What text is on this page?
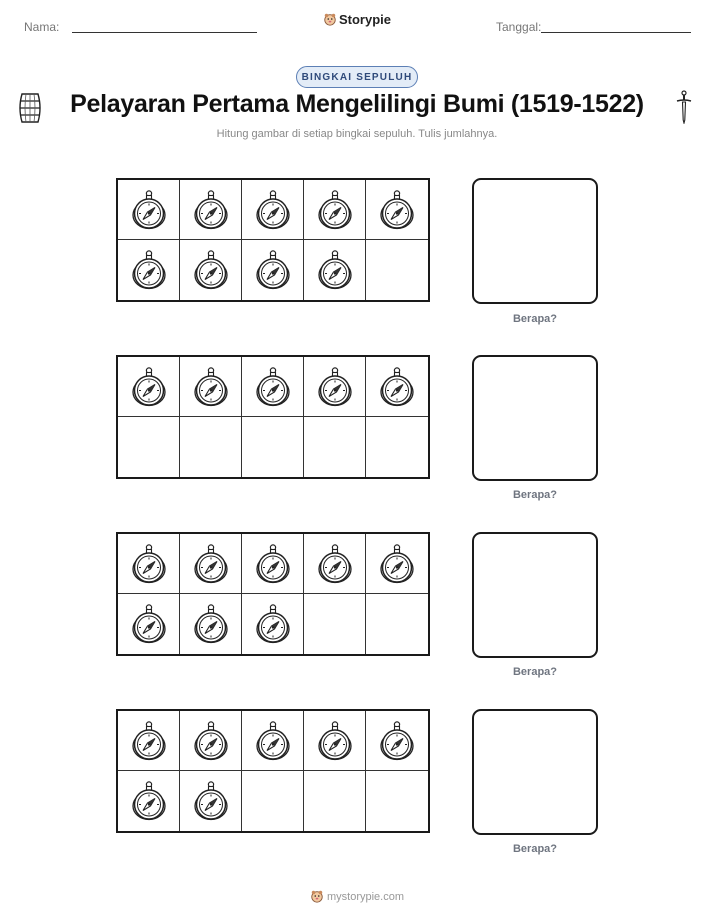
Nama:	Storypie	Tanggal:
BINGKAI SEPULUH
Pelayaran Pertama Mengelilingi Bumi (1519-1522)
Hitung gambar di setiap bingkai sepuluh. Tulis jumlahnya.
Berapa?
Berapa?
Berapa?
Berapa?
mystorypie.com
